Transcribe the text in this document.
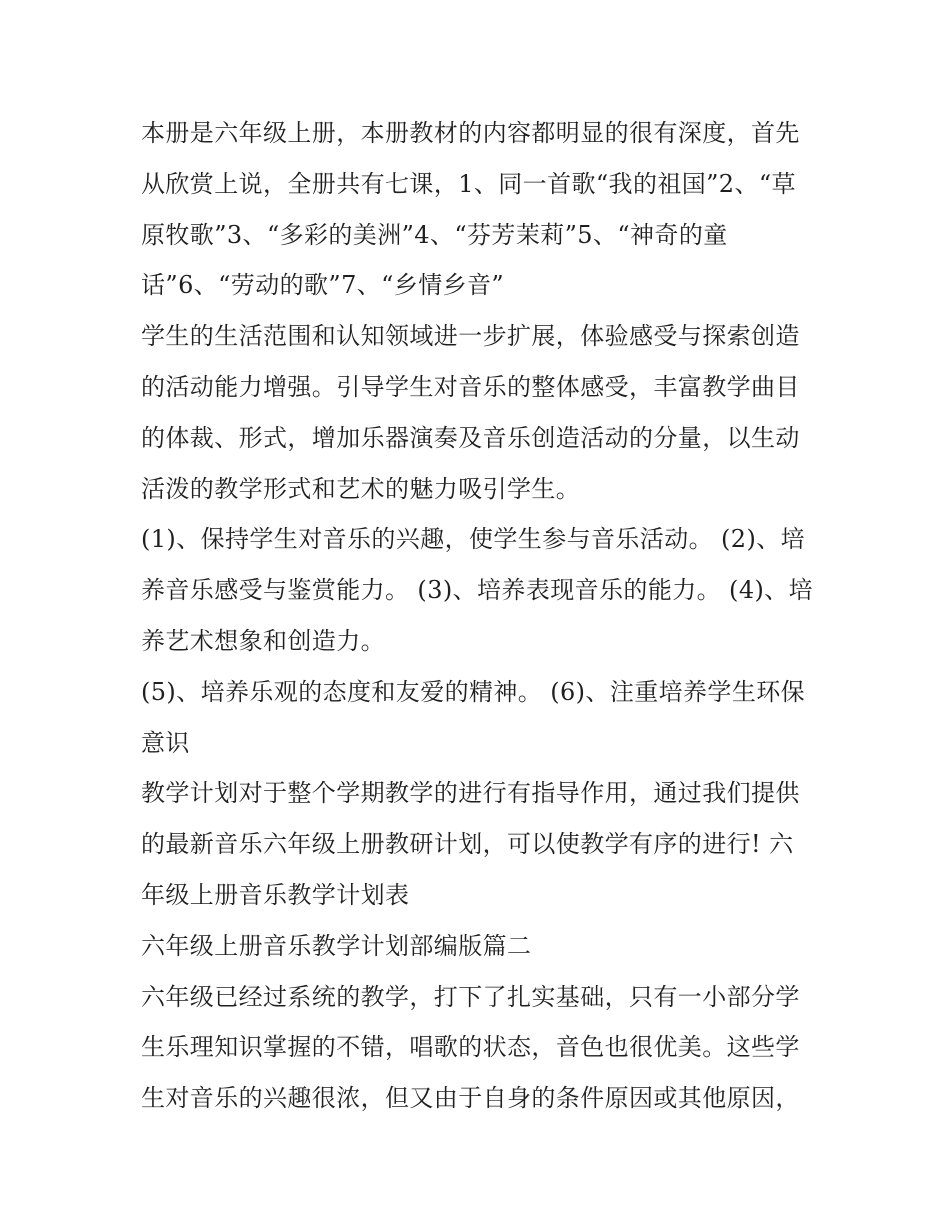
本册是六年级上册，本册教材的内容都明显的很有深度，首先
从欣赏上说，全册共有七课，1、同一首歌“我的祖国”2、“草
原牧歌”3、“多彩的美洲”4、“芬芳茉莉”5、“神奇的童
话”6、“劳动的歌”7、“乡情乡音”
学生的生活范围和认知领域进一步扩展，体验感受与探索创造
的活动能力增强。引导学生对音乐的整体感受，丰富教学曲目
的体裁、形式，增加乐器演奏及音乐创造活动的分量，以生动
活泼的教学形式和艺术的魅力吸引学生。
(1)、保持学生对音乐的兴趣，使学生参与音乐活动。 (2)、培
养音乐感受与鉴赏能力。 (3)、培养表现音乐的能力。 (4)、培
养艺术想象和创造力。
(5)、培养乐观的态度和友爱的精神。 (6)、注重培养学生环保
意识
教学计划对于整个学期教学的进行有指导作用，通过我们提供
的最新音乐六年级上册教研计划，可以使教学有序的进行! 六
年级上册音乐教学计划表
六年级上册音乐教学计划部编版篇二
六年级已经过系统的教学，打下了扎实基础，只有一小部分学
生乐理知识掌握的不错，唱歌的状态，音色也很优美。这些学
生对音乐的兴趣很浓，但又由于自身的条件原因或其他原因，
